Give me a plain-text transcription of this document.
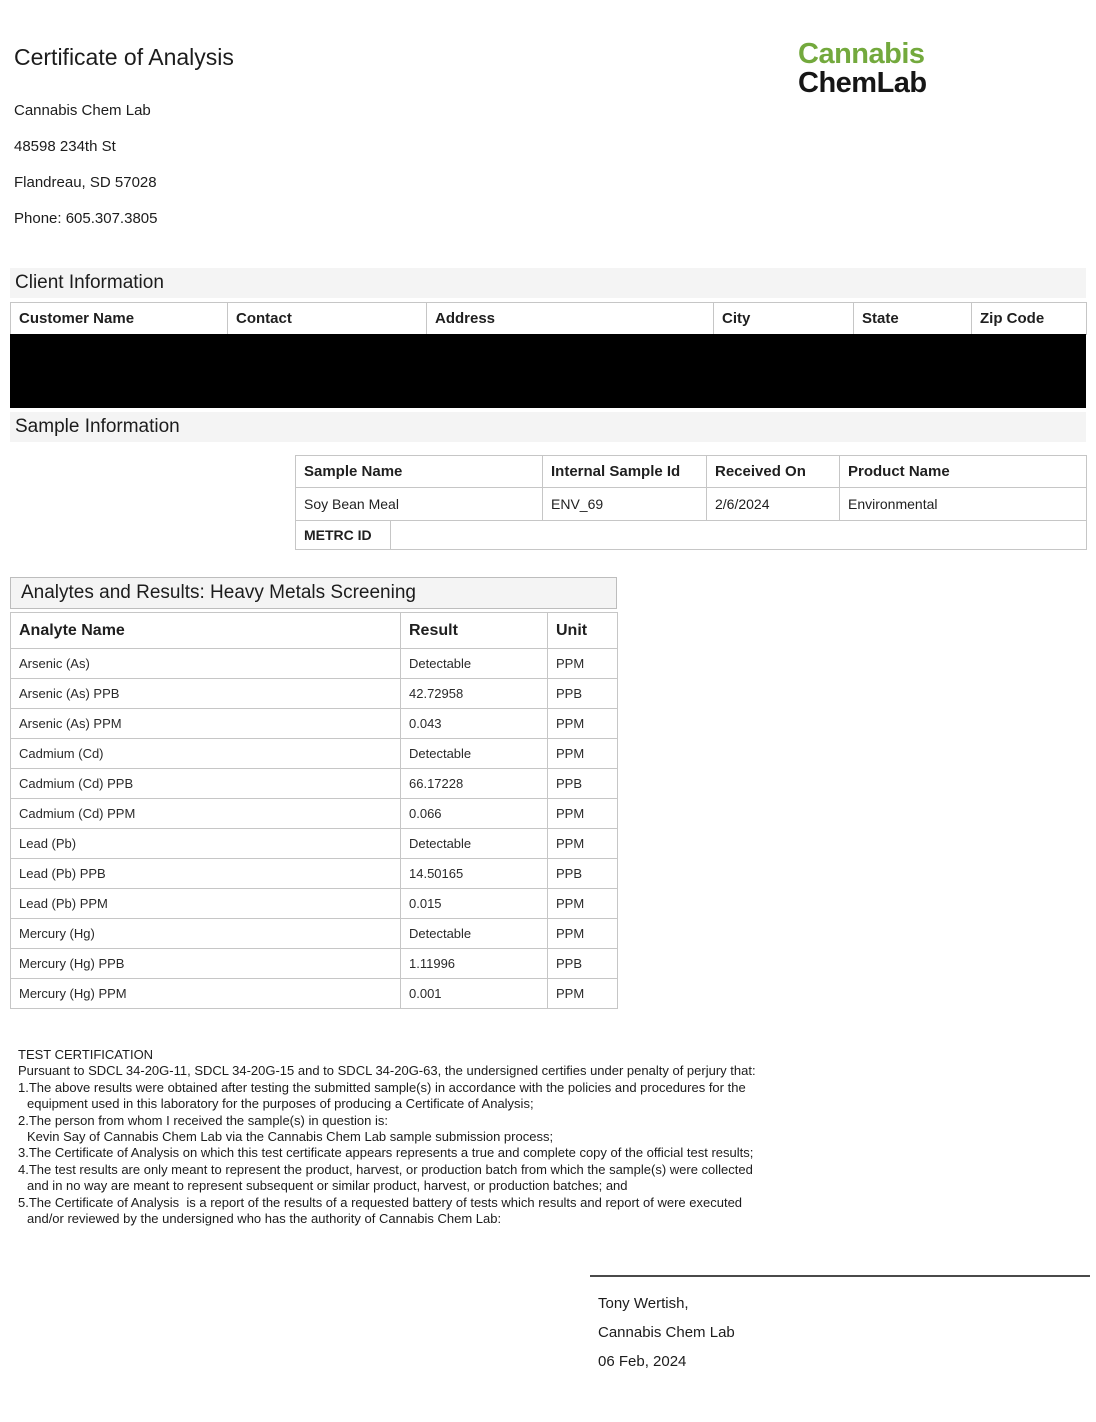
Certificate of Analysis
Cannabis Chem Lab
48598 234th St
Flandreau, SD 57028
Phone: 605.307.3805
Cannabis
ChemLab
Client Information
Customer Name	Contact	Address	City	State	Zip Code
Sample Information
Sample Name	Internal Sample Id	Received On	Product Name
Soy Bean Meal	ENV_69	2/6/2024	Environmental
METRC ID	
Analytes and Results: Heavy Metals Screening
Analyte Name	Result	Unit
Arsenic (As)	Detectable	PPM
Arsenic (As) PPB	42.72958	PPB
Arsenic (As) PPM	0.043	PPM
Cadmium (Cd)	Detectable	PPM
Cadmium (Cd) PPB	66.17228	PPB
Cadmium (Cd) PPM	0.066	PPM
Lead (Pb)	Detectable	PPM
Lead (Pb) PPB	14.50165	PPB
Lead (Pb) PPM	0.015	PPM
Mercury (Hg)	Detectable	PPM
Mercury (Hg) PPB	1.11996	PPB
Mercury (Hg) PPM	0.001	PPM
TEST CERTIFICATION
Pursuant to SDCL 34-20G-11, SDCL 34-20G-15 and to SDCL 34-20G-63, the undersigned certifies under penalty of perjury that:
1.The above results were obtained after testing the submitted sample(s) in accordance with the policies and procedures for the
equipment used in this laboratory for the purposes of producing a Certificate of Analysis;
2.The person from whom I received the sample(s) in question is:
Kevin Say of Cannabis Chem Lab via the Cannabis Chem Lab sample submission process;
3.The Certificate of Analysis on which this test certificate appears represents a true and complete copy of the official test results;
4.The test results are only meant to represent the product, harvest, or production batch from which the sample(s) were collected
and in no way are meant to represent subsequent or similar product, harvest, or production batches; and
5.The Certificate of Analysis  is a report of the results of a requested battery of tests which results and report of were executed
and/or reviewed by the undersigned who has the authority of Cannabis Chem Lab:
Tony Wertish,
Cannabis Chem Lab
06 Feb, 2024
